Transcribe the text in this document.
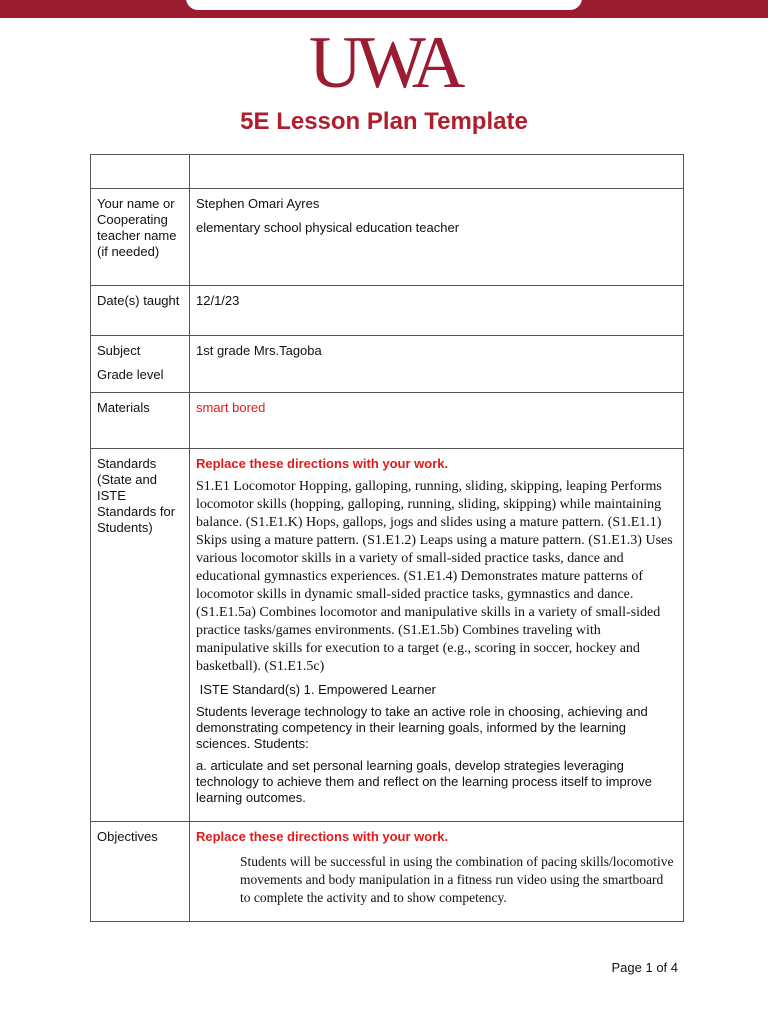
UWA
5E Lesson Plan Template

Your name or Cooperating teacher name (if needed)	Stephen Omari Ayres
elementary school physical education teacher

Date(s) taught	12/1/23

Subject
Grade level	1st grade Mrs.Tagoba
Materials	smart bored
Standards (State and ISTE Standards for Students)	Replace these directions with your work.
S1.E1 Locomotor Hopping, galloping, running, sliding, skipping, leaping Performs locomotor skills (hopping, galloping, running, sliding, skipping) while maintaining balance. (S1.E1.K) Hops, gallops, jogs and slides using a mature pattern. (S1.E1.1) Skips using a mature pattern. (S1.E1.2) Leaps using a mature pattern. (S1.E1.3) Uses various locomotor skills in a variety of small-sided practice tasks, dance and educational gymnastics experiences. (S1.E1.4) Demonstrates mature patterns of locomotor skills in dynamic small-sided practice tasks, gymnastics and dance. (S1.E1.5a) Combines locomotor and manipulative skills in a variety of small-sided practice tasks/games environments. (S1.E1.5b) Combines traveling with manipulative skills for execution to a target (e.g., scoring in soccer, hockey and basketball). (S1.E1.5c)
ISTE Standard(s) 1. Empowered Learner
Students leverage technology to take an active role in choosing, achieving and demonstrating competency in their learning goals, informed by the learning sciences. Students:
a. articulate and set personal learning goals, develop strategies leveraging technology to achieve them and reflect on the learning process itself to improve learning outcomes.

Objectives	Replace these directions with your work.
Students will be successful in using the combination of pacing skills/locomotive movements and body manipulation in a fitness run video using the smartboard to complete the activity and to show competency.
Page 1 of 4
